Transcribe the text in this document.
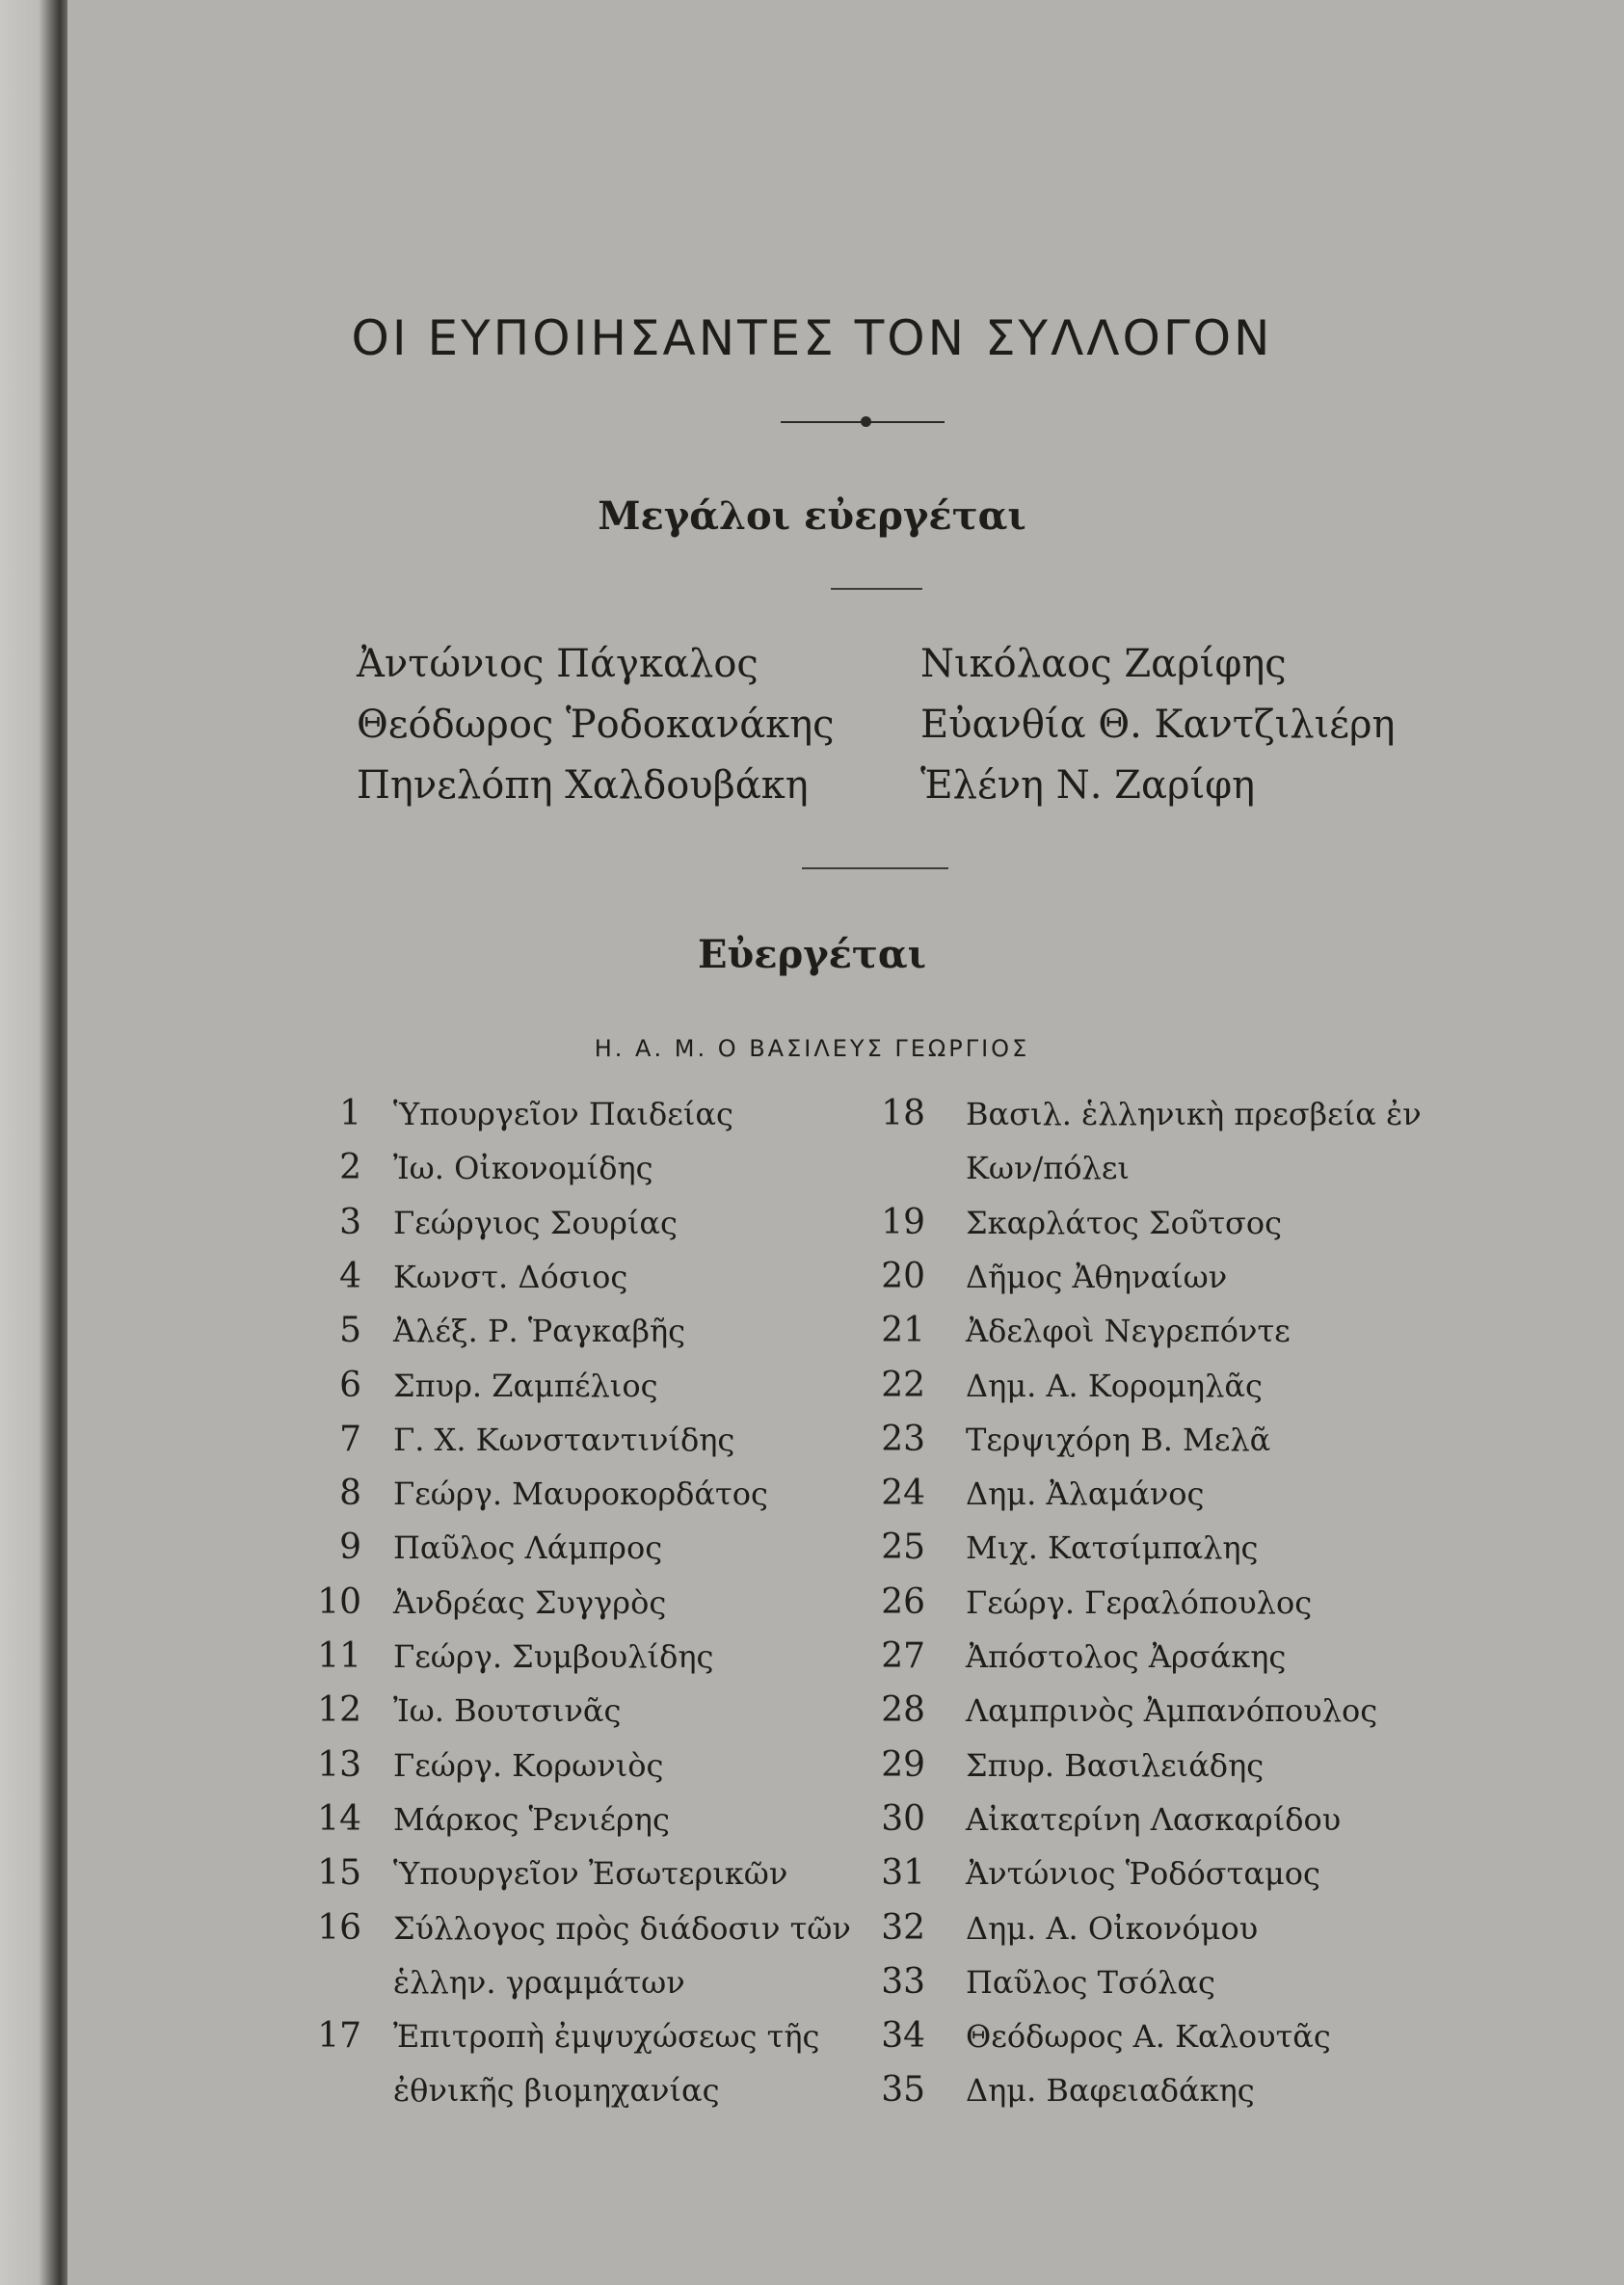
ΟΙ ΕΥΠΟΙΗΣΑΝΤΕΣ ΤΟΝ ΣΥΛΛΟΓΟΝ
Μεγάλοι εὐεργέται
Ἀντώνιος Πάγκαλος
Θεόδωρος Ῥοδοκανάκης
Πηνελόπη Χαλδουβάκη
Νικόλαος Ζαρίφης
Εὐανθία Θ. Καντζιλιέρη
Ἑλένη Ν. Ζαρίφη
Εὐεργέται
Η. Α. Μ. Ο ΒΑΣΙΛΕΥΣ ΓΕΩΡΓΙΟΣ
1 Ὑπουργεῖον Παιδείας
2 Ἰω. Οἰκονομίδης
3 Γεώργιος Σουρίας
4 Κωνστ. Δόσιος
5 Ἀλέξ. Ρ. Ῥαγκαβῆς
6 Σπυρ. Ζαμπέλιος
7 Γ. Χ. Κωνσταντινίδης
8 Γεώργ. Μαυροκορδάτος
9 Παῦλος Λάμπρος
10 Ἀνδρέας Συγγρὸς
11 Γεώργ. Συμβουλίδης
12 Ἰω. Βουτσινᾶς
13 Γεώργ. Κορωνιὸς
14 Μάρκος Ῥενιέρης
15 Ὑπουργεῖον Ἐσωτερικῶν
16 Σύλλογος πρὸς διάδοσιν τῶν
ἑλλην. γραμμάτων
17 Ἐπιτροπὴ ἐμψυχώσεως τῆς
ἐθνικῆς βιομηχανίας
18 Βασιλ. ἑλληνικὴ πρεσβεία ἐν
Κων/πόλει
19 Σκαρλάτος Σοῦτσος
20 Δῆμος Ἀθηναίων
21 Ἀδελφοὶ Νεγρεπόντε
22 Δημ. Α. Κορομηλᾶς
23 Τερψιχόρη Β. Μελᾶ
24 Δημ. Ἀλαμάνος
25 Μιχ. Κατσίμπαλης
26 Γεώργ. Γεραλόπουλος
27 Ἀπόστολος Ἀρσάκης
28 Λαμπρινὸς Ἀμπανόπουλος
29 Σπυρ. Βασιλειάδης
30 Αἰκατερίνη Λασκαρίδου
31 Ἀντώνιος Ῥοδόσταμος
32 Δημ. Α. Οἰκονόμου
33 Παῦλος Τσόλας
34 Θεόδωρος Α. Καλουτᾶς
35 Δημ. Βαφειαδάκης
